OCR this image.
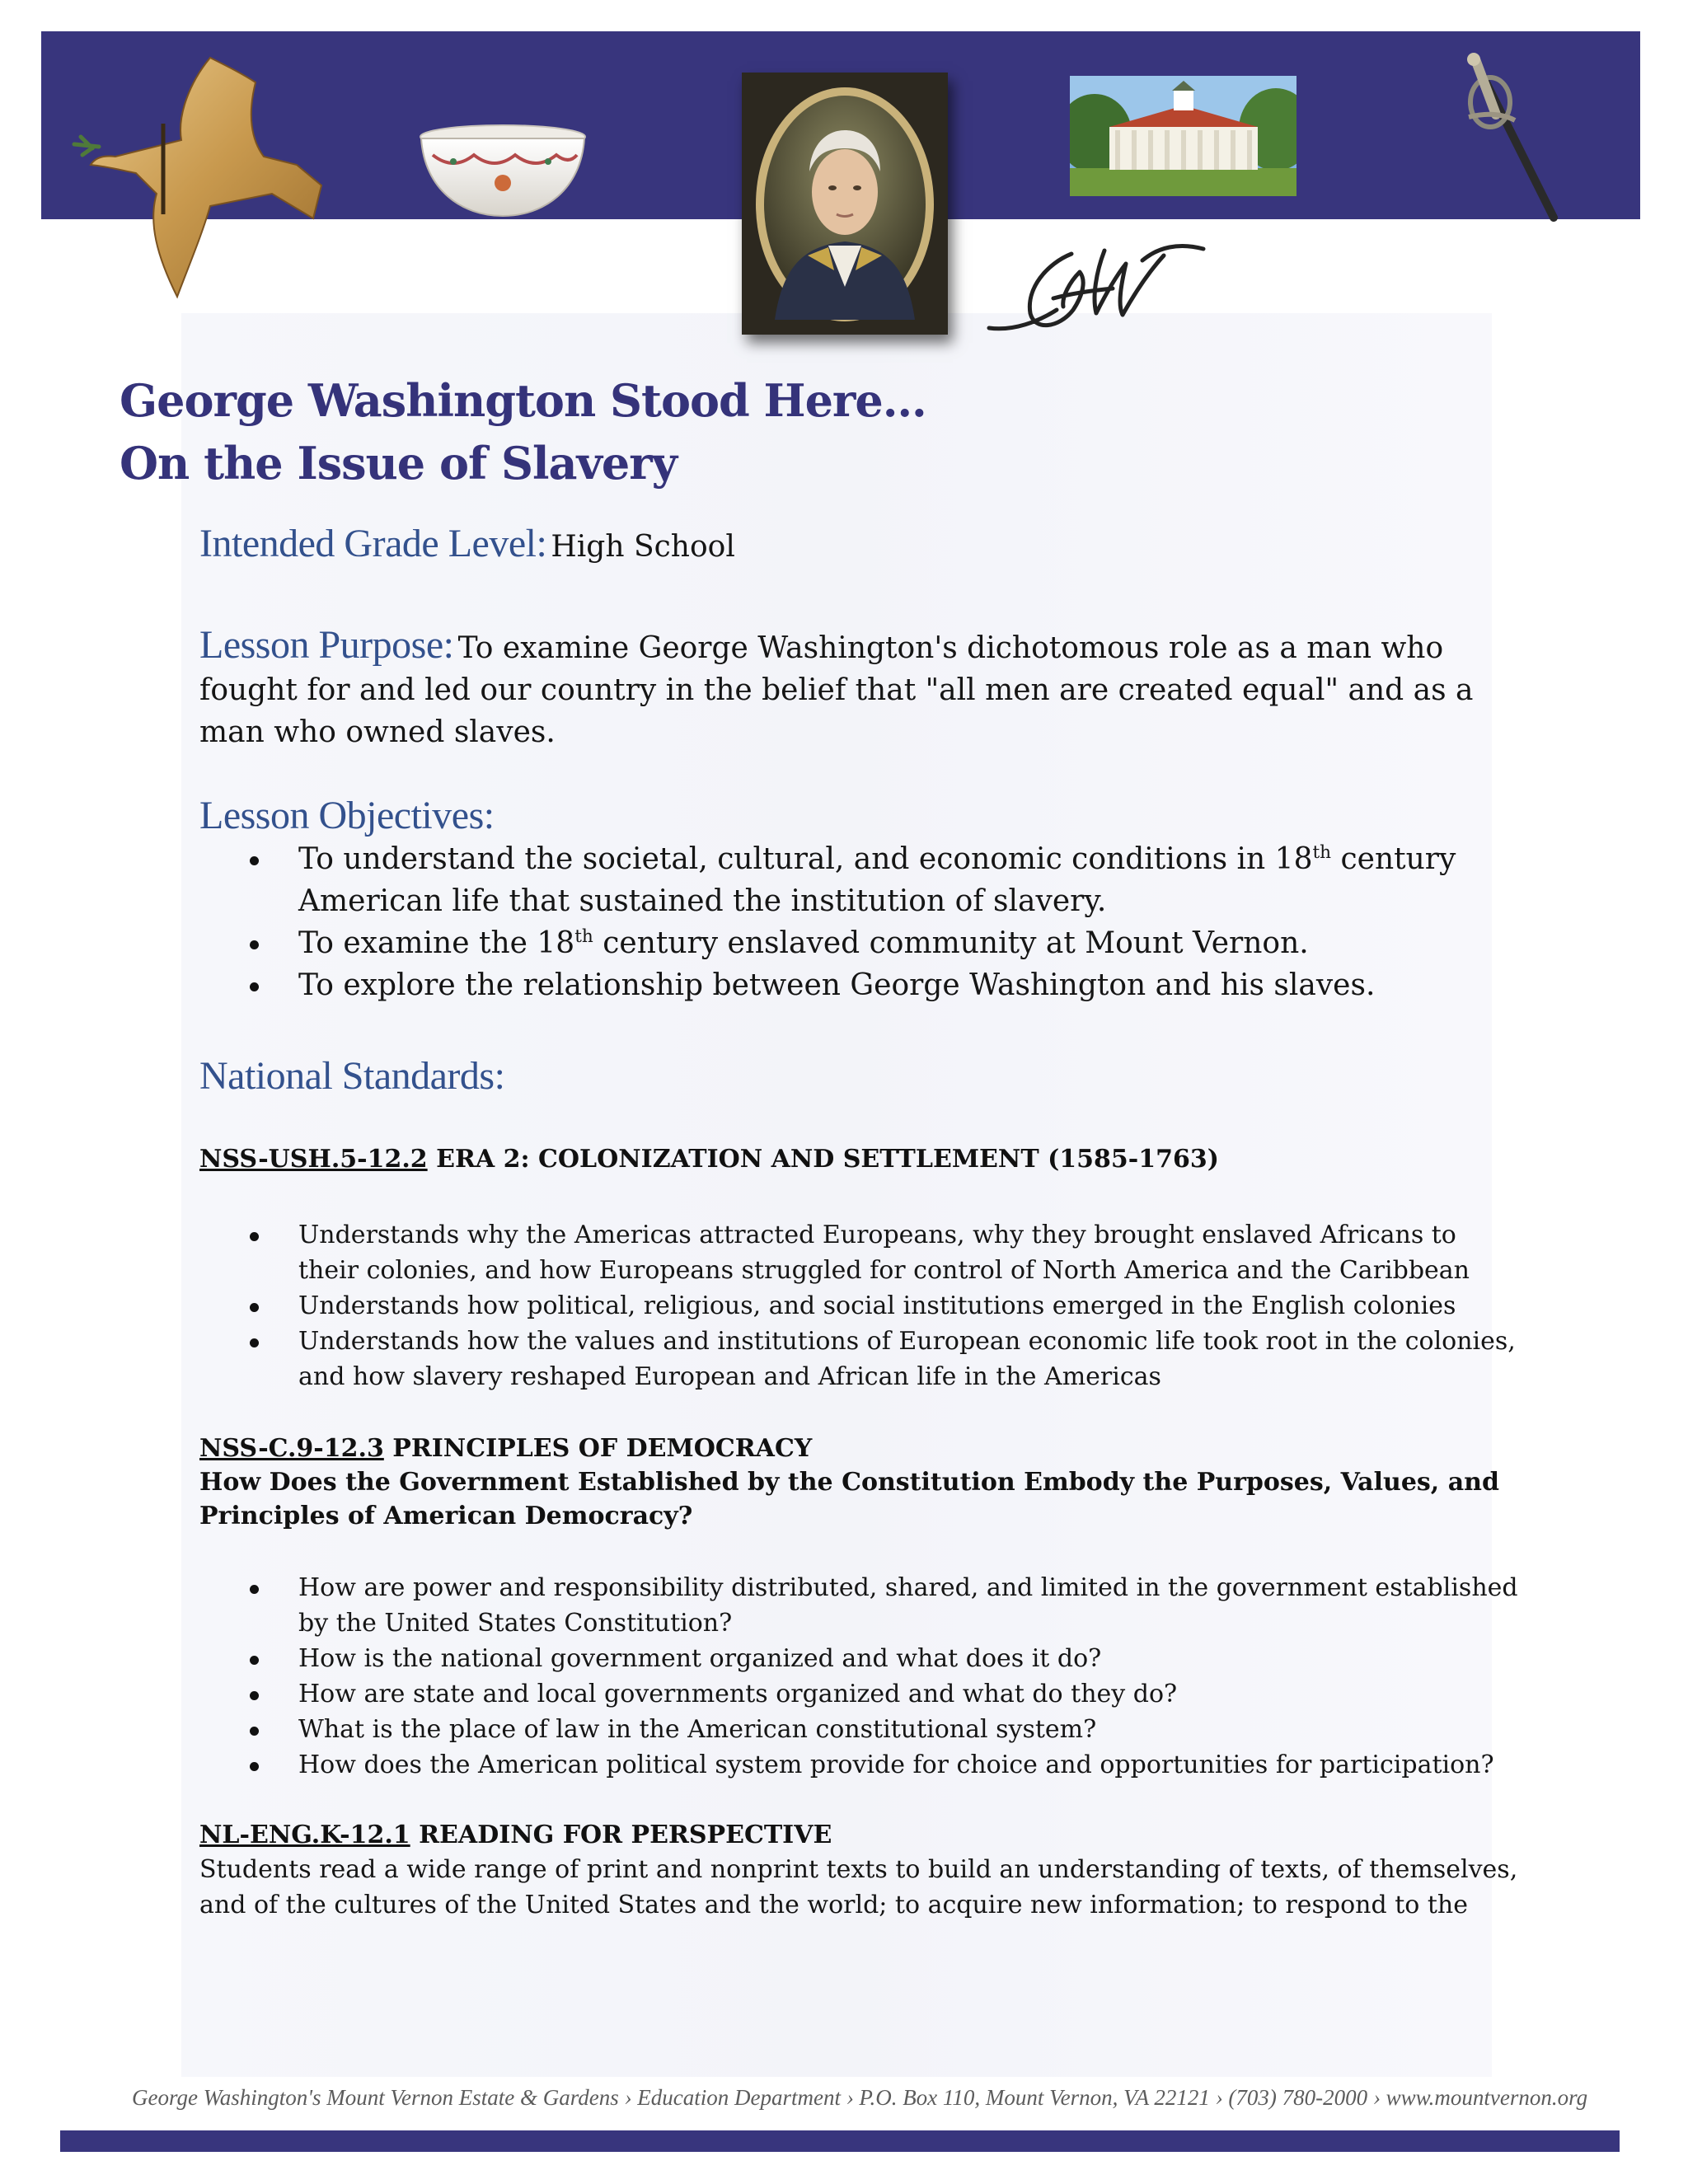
George Washington Stood Here…
On the Issue of Slavery
Intended Grade Level: High School
Lesson Purpose: To examine George Washington's dichotomous role as a man who
fought for and led our country in the belief that "all men are created equal" and as a
man who owned slaves.
Lesson Objectives:
To understand the societal, cultural, and economic conditions in 18th century
American life that sustained the institution of slavery.
To examine the 18th century enslaved community at Mount Vernon.
To explore the relationship between George Washington and his slaves.
National Standards:
NSS-USH.5-12.2 ERA 2: COLONIZATION AND SETTLEMENT (1585-1763)
Understands why the Americas attracted Europeans, why they brought enslaved Africans to
their colonies, and how Europeans struggled for control of North America and the Caribbean
Understands how political, religious, and social institutions emerged in the English colonies
Understands how the values and institutions of European economic life took root in the colonies,
and how slavery reshaped European and African life in the Americas
NSS-C.9-12.3 PRINCIPLES OF DEMOCRACY
How Does the Government Established by the Constitution Embody the Purposes, Values, and
Principles of American Democracy?
How are power and responsibility distributed, shared, and limited in the government established
by the United States Constitution?
How is the national government organized and what does it do?
How are state and local governments organized and what do they do?
What is the place of law in the American constitutional system?
How does the American political system provide for choice and opportunities for participation?
NL-ENG.K-12.1 READING FOR PERSPECTIVE
Students read a wide range of print and nonprint texts to build an understanding of texts, of themselves,
and of the cultures of the United States and the world; to acquire new information; to respond to the
George Washington's Mount Vernon Estate & Gardens › Education Department › P.O. Box 110, Mount Vernon, VA 22121 › (703) 780-2000 › www.mountvernon.org
